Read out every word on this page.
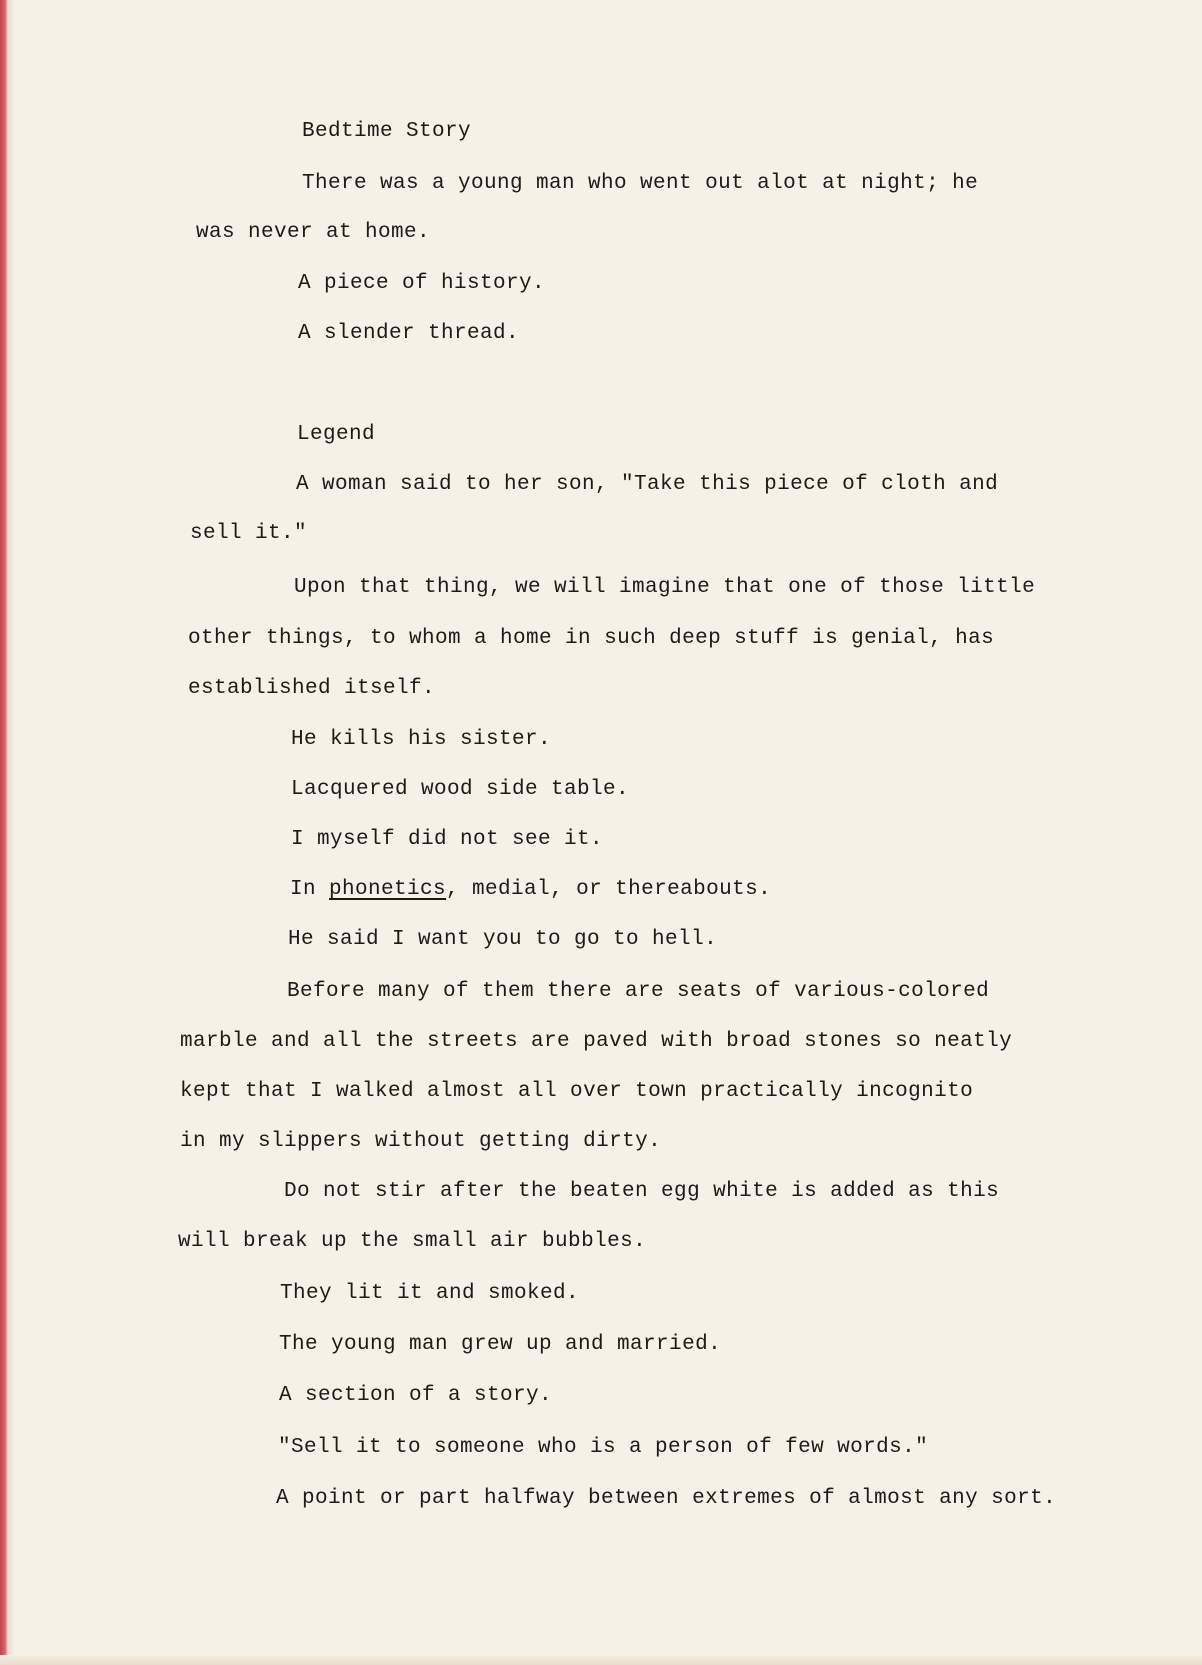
Bedtime Story
There was a young man who went out alot at night; he
was never at home.
A piece of history.
A slender thread.
Legend
A woman said to her son, "Take this piece of cloth and
sell it."
Upon that thing, we will imagine that one of those little
other things, to whom a home in such deep stuff is genial, has
established itself.
He kills his sister.
Lacquered wood side table.
I myself did not see it.
In phonetics, medial, or thereabouts.
He said I want you to go to hell.
Before many of them there are seats of various-colored
marble and all the streets are paved with broad stones so neatly
kept that I walked almost all over town practically incognito
in my slippers without getting dirty.
Do not stir after the beaten egg white is added as this
will break up the small air bubbles.
They lit it and smoked.
The young man grew up and married.
A section of a story.
"Sell it to someone who is a person of few words."
A point or part halfway between extremes of almost any sort.
